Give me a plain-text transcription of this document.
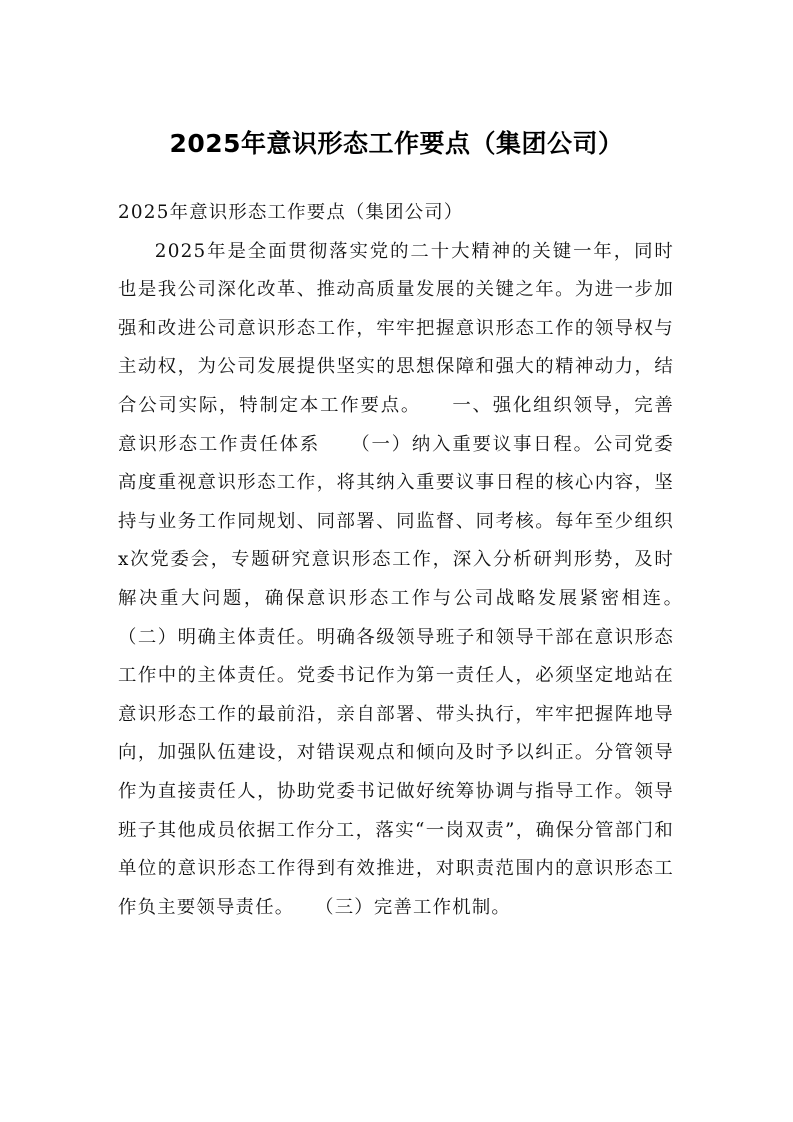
2025年意识形态工作要点（集团公司）

2025年意识形态工作要点（集团公司）

2025年是全面贯彻落实党的二十大精神的关键一年，同时也是我公司深化改革、推动高质量发展的关键之年。为进一步加强和改进公司意识形态工作，牢牢把握意识形态工作的领导权与主动权，为公司发展提供坚实的思想保障和强大的精神动力，结合公司实际，特制定本工作要点。　　一、强化组织领导，完善意识形态工作责任体系　　（一）纳入重要议事日程。公司党委高度重视意识形态工作，将其纳入重要议事日程的核心内容，坚持与业务工作同规划、同部署、同监督、同考核。每年至少组织x次党委会，专题研究意识形态工作，深入分析研判形势，及时解决重大问题，确保意识形态工作与公司战略发展紧密相连。　　（二）明确主体责任。明确各级领导班子和领导干部在意识形态工作中的主体责任。党委书记作为第一责任人，必须坚定地站在意识形态工作的最前沿，亲自部署、带头执行，牢牢把握阵地导向，加强队伍建设，对错误观点和倾向及时予以纠正。分管领导作为直接责任人，协助党委书记做好统筹协调与指导工作。领导班子其他成员依据工作分工，落实“一岗双责”，确保分管部门和单位的意识形态工作得到有效推进，对职责范围内的意识形态工作负主要领导责任。　　（三）完善工作机制。
